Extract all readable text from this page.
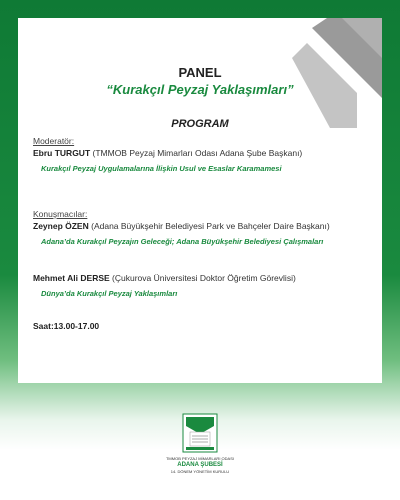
PANEL
“Kurakçıl Peyzaj Yaklaşımları”
PROGRAM
Moderatör:
Ebru TURGUT (TMMOB Peyzaj Mimarları Odası Adana Şube Başkanı)
Kurakçıl Peyzaj Uygulamalarına İlişkin Usul ve Esaslar Karamamesi
Konuşmacılar:
Zeynep ÖZEN (Adana Büyükşehir Belediyesi Park ve Bahçeler Daire Başkanı)
Adana’da Kurakçıl Peyzajın Geleceği; Adana Büyükşehir Belediyesi Çalışmaları
Mehmet Ali DERSE (Çukurova Üniversitesi Doktor Öğretim Görevlisi)
Dünya’da Kurakçıl Peyzaj Yaklaşımları
Saat:13.00-17.00
TMMOB PEYZAJ MİMARLARI ODASI
ADANA ŞUBESİ
14. DÖNEM YÖNETİM KURULU
